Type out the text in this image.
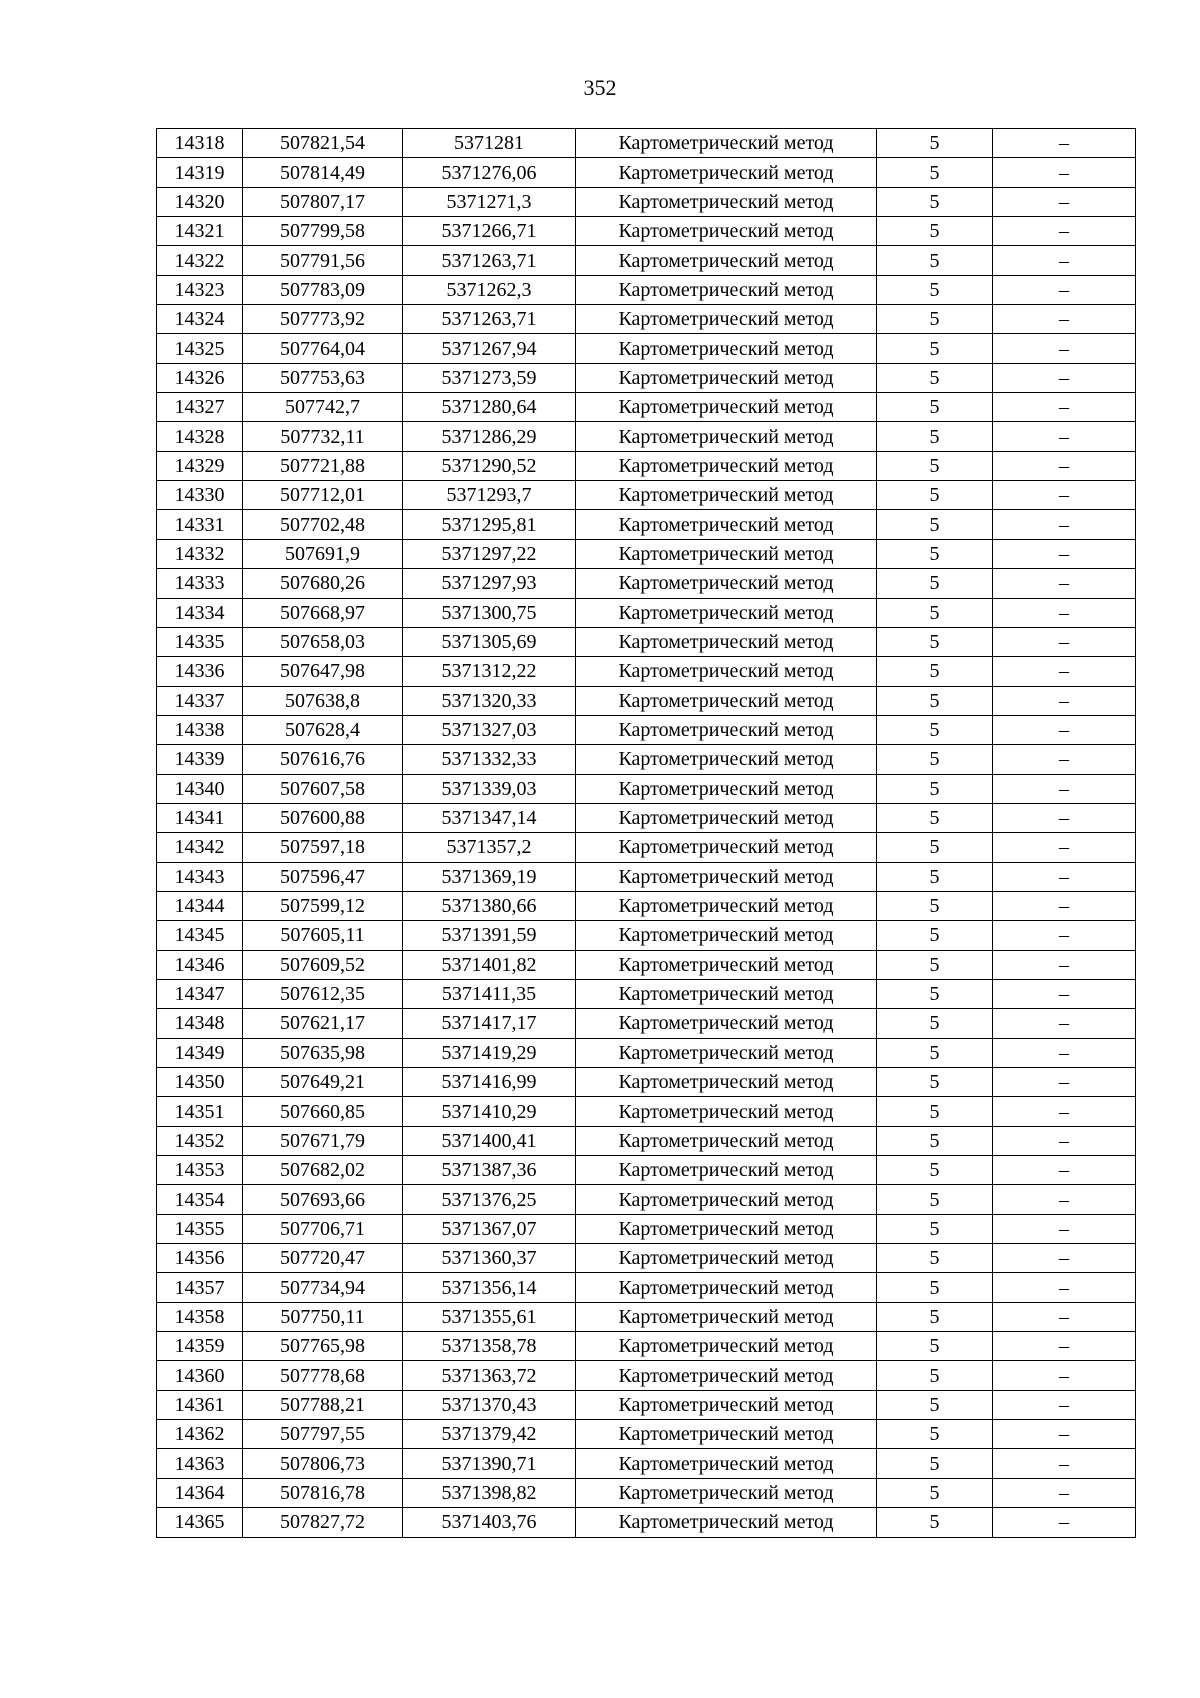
352
14318	507821,54	5371281	Картометрический метод	5	–
14319	507814,49	5371276,06	Картометрический метод	5	–
14320	507807,17	5371271,3	Картометрический метод	5	–
14321	507799,58	5371266,71	Картометрический метод	5	–
14322	507791,56	5371263,71	Картометрический метод	5	–
14323	507783,09	5371262,3	Картометрический метод	5	–
14324	507773,92	5371263,71	Картометрический метод	5	–
14325	507764,04	5371267,94	Картометрический метод	5	–
14326	507753,63	5371273,59	Картометрический метод	5	–
14327	507742,7	5371280,64	Картометрический метод	5	–
14328	507732,11	5371286,29	Картометрический метод	5	–
14329	507721,88	5371290,52	Картометрический метод	5	–
14330	507712,01	5371293,7	Картометрический метод	5	–
14331	507702,48	5371295,81	Картометрический метод	5	–
14332	507691,9	5371297,22	Картометрический метод	5	–
14333	507680,26	5371297,93	Картометрический метод	5	–
14334	507668,97	5371300,75	Картометрический метод	5	–
14335	507658,03	5371305,69	Картометрический метод	5	–
14336	507647,98	5371312,22	Картометрический метод	5	–
14337	507638,8	5371320,33	Картометрический метод	5	–
14338	507628,4	5371327,03	Картометрический метод	5	–
14339	507616,76	5371332,33	Картометрический метод	5	–
14340	507607,58	5371339,03	Картометрический метод	5	–
14341	507600,88	5371347,14	Картометрический метод	5	–
14342	507597,18	5371357,2	Картометрический метод	5	–
14343	507596,47	5371369,19	Картометрический метод	5	–
14344	507599,12	5371380,66	Картометрический метод	5	–
14345	507605,11	5371391,59	Картометрический метод	5	–
14346	507609,52	5371401,82	Картометрический метод	5	–
14347	507612,35	5371411,35	Картометрический метод	5	–
14348	507621,17	5371417,17	Картометрический метод	5	–
14349	507635,98	5371419,29	Картометрический метод	5	–
14350	507649,21	5371416,99	Картометрический метод	5	–
14351	507660,85	5371410,29	Картометрический метод	5	–
14352	507671,79	5371400,41	Картометрический метод	5	–
14353	507682,02	5371387,36	Картометрический метод	5	–
14354	507693,66	5371376,25	Картометрический метод	5	–
14355	507706,71	5371367,07	Картометрический метод	5	–
14356	507720,47	5371360,37	Картометрический метод	5	–
14357	507734,94	5371356,14	Картометрический метод	5	–
14358	507750,11	5371355,61	Картометрический метод	5	–
14359	507765,98	5371358,78	Картометрический метод	5	–
14360	507778,68	5371363,72	Картометрический метод	5	–
14361	507788,21	5371370,43	Картометрический метод	5	–
14362	507797,55	5371379,42	Картометрический метод	5	–
14363	507806,73	5371390,71	Картометрический метод	5	–
14364	507816,78	5371398,82	Картометрический метод	5	–
14365	507827,72	5371403,76	Картометрический метод	5	–
